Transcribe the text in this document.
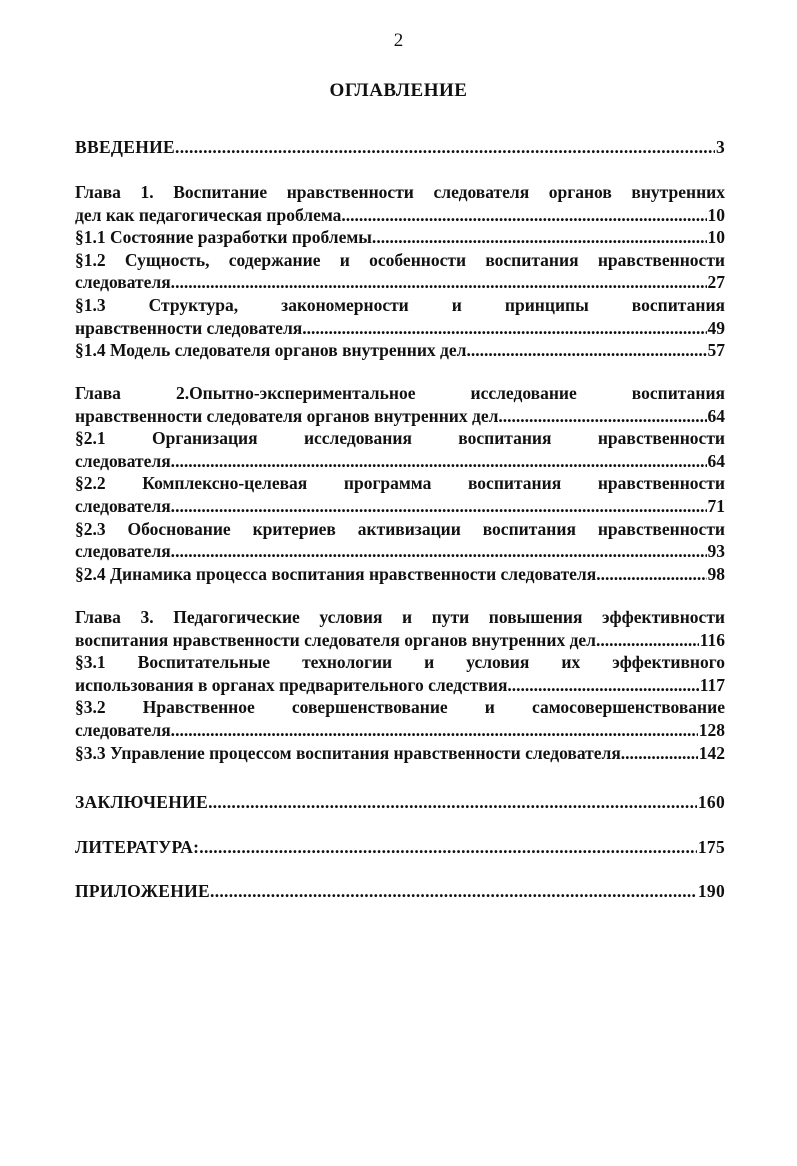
2
ОГЛАВЛЕНИЕ
ВВЕДЕНИЕ .....	3
Глава 1. Воспитание нравственности следователя органов внутренних
дел как педагогическая проблема. .....	10
§1.1 Состояние разработки проблемы. .....	10
§1.2 Сущность, содержание и особенности воспитания нравственности
следователя. .....	27
§1.3 Структура, закономерности и принципы воспитания
нравственности следователя. .....	49
§1.4 Модель следователя органов внутренних дел. .....	57
Глава 2.Опытно-экспериментальное исследование воспитания
нравственности следователя органов внутренних дел. .....	64
§2.1 Организация исследования воспитания нравственности
следователя. .....	64
§2.2 Комплексно-целевая программа воспитания нравственности
следователя. .....	71
§2.3 Обоснование критериев активизации воспитания нравственности
следователя. .....	93
§2.4 Динамика процесса воспитания нравственности следователя. .....	98
Глава 3. Педагогические условия и пути повышения эффективности
воспитания нравственности следователя органов внутренних дел .....	116
§3.1 Воспитательные технологии и условия их эффективного
использования в органах предварительного следствия. .....	117
§3.2 Нравственное совершенствование и самосовершенствование
следователя. .....	128
§3.3 Управление процессом воспитания нравственности следователя. .....	142
ЗАКЛЮЧЕНИЕ .....	160
ЛИТЕРАТУРА: .....	175
ПРИЛОЖЕНИЕ .....	190
